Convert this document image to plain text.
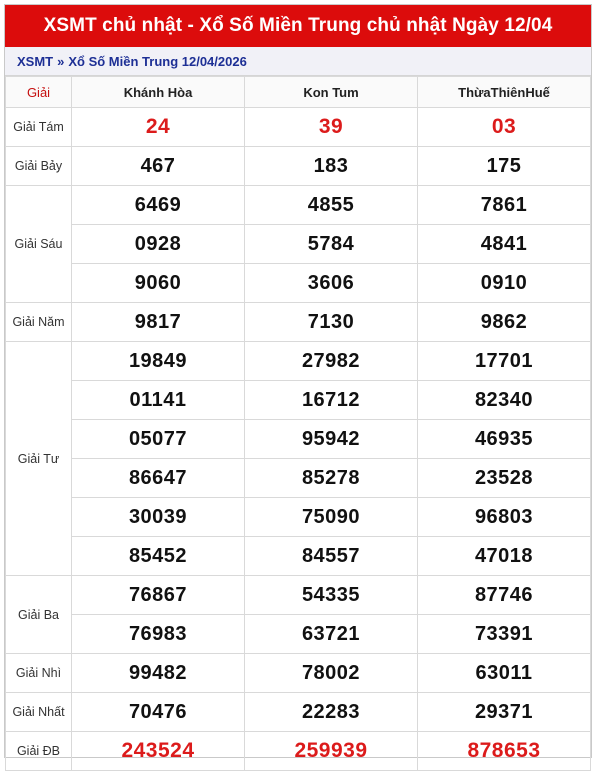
XSMT chủ nhật - Xổ Số Miền Trung chủ nhật Ngày 12/04
XSMT » Xổ Số Miền Trung 12/04/2026
Giải	Khánh Hòa	Kon Tum	ThừaThiênHuế
Giải Tám	24	39	03
Giải Bảy	467	183	175
Giải Sáu	6469	4855	7861
	0928	5784	4841
	9060	3606	0910
Giải Năm	9817	7130	9862
Giải Tư	19849	27982	17701
	01141	16712	82340
	05077	95942	46935
	86647	85278	23528
	30039	75090	96803
	85452	84557	47018
Giải Ba	76867	54335	87746
	76983	63721	73391
Giải Nhì	99482	78002	63011
Giải Nhất	70476	22283	29371
Giải ĐB	243524	259939	878653
